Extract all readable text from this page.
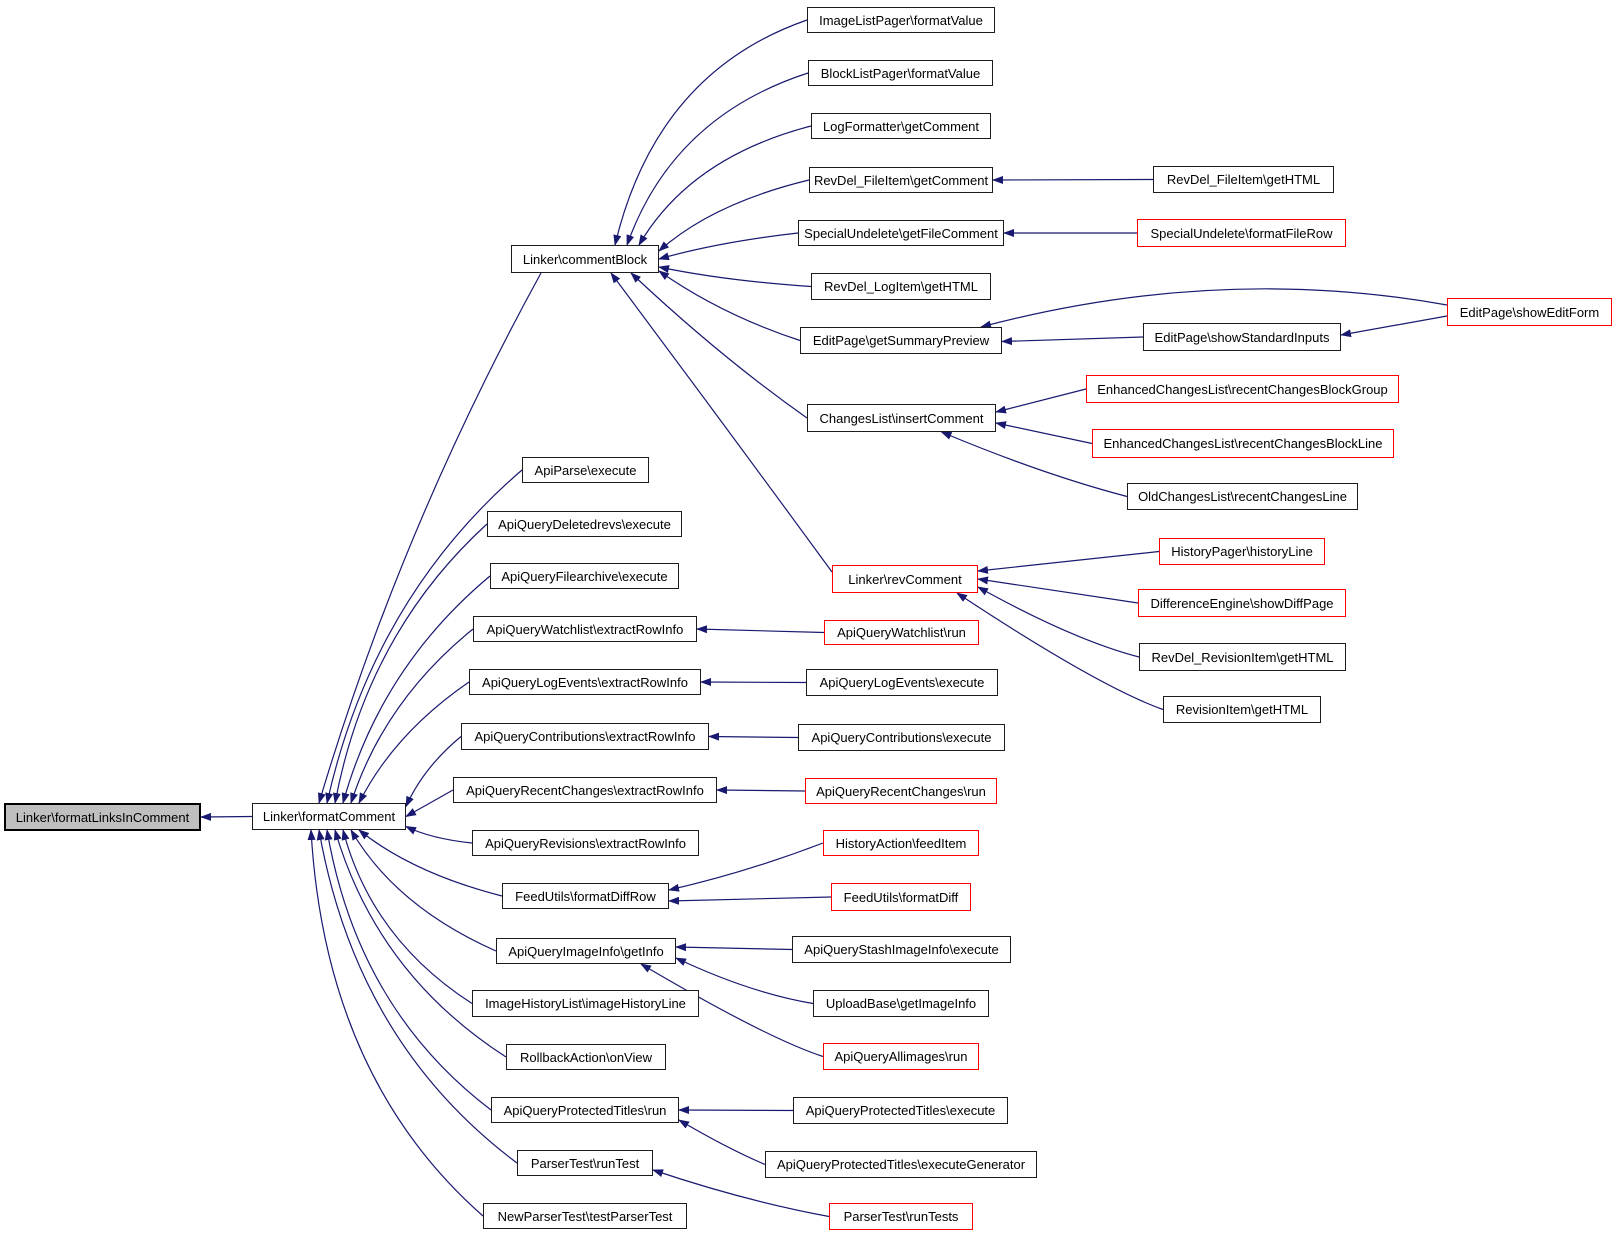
Linker\formatLinksInComment	Linker\formatComment
Linker\commentBlock
ImageListPager\formatValue
BlockListPager\formatValue
LogFormatter\getComment
RevDel_FileItem\getComment
SpecialUndelete\getFileComment
RevDel_LogItem\getHTML
EditPage\getSummaryPreview
ChangesList\insertComment
Linker\revComment
ApiParse\execute
ApiQueryDeletedrevs\execute
ApiQueryFilearchive\execute
ApiQueryWatchlist\extractRowInfo
ApiQueryLogEvents\extractRowInfo
ApiQueryContributions\extractRowInfo
ApiQueryRecentChanges\extractRowInfo
ApiQueryRevisions\extractRowInfo
FeedUtils\formatDiffRow
ApiQueryImageInfo\getInfo
ImageHistoryList\imageHistoryLine
RollbackAction\onView
ApiQueryProtectedTitles\run
ParserTest\runTest
NewParserTest\testParserTest
ApiQueryWatchlist\run
ApiQueryLogEvents\execute
ApiQueryContributions\execute
ApiQueryRecentChanges\run
HistoryAction\feedItem
FeedUtils\formatDiff
ApiQueryStashImageInfo\execute
UploadBase\getImageInfo
ApiQueryAllimages\run
ApiQueryProtectedTitles\execute
ApiQueryProtectedTitles\executeGenerator
ParserTest\runTests
RevDel_FileItem\getHTML
SpecialUndelete\formatFileRow
EditPage\showEditForm
EditPage\showStandardInputs
EnhancedChangesList\recentChangesBlockGroup
EnhancedChangesList\recentChangesBlockLine
OldChangesList\recentChangesLine
HistoryPager\historyLine
DifferenceEngine\showDiffPage
RevDel_RevisionItem\getHTML
RevisionItem\getHTML
